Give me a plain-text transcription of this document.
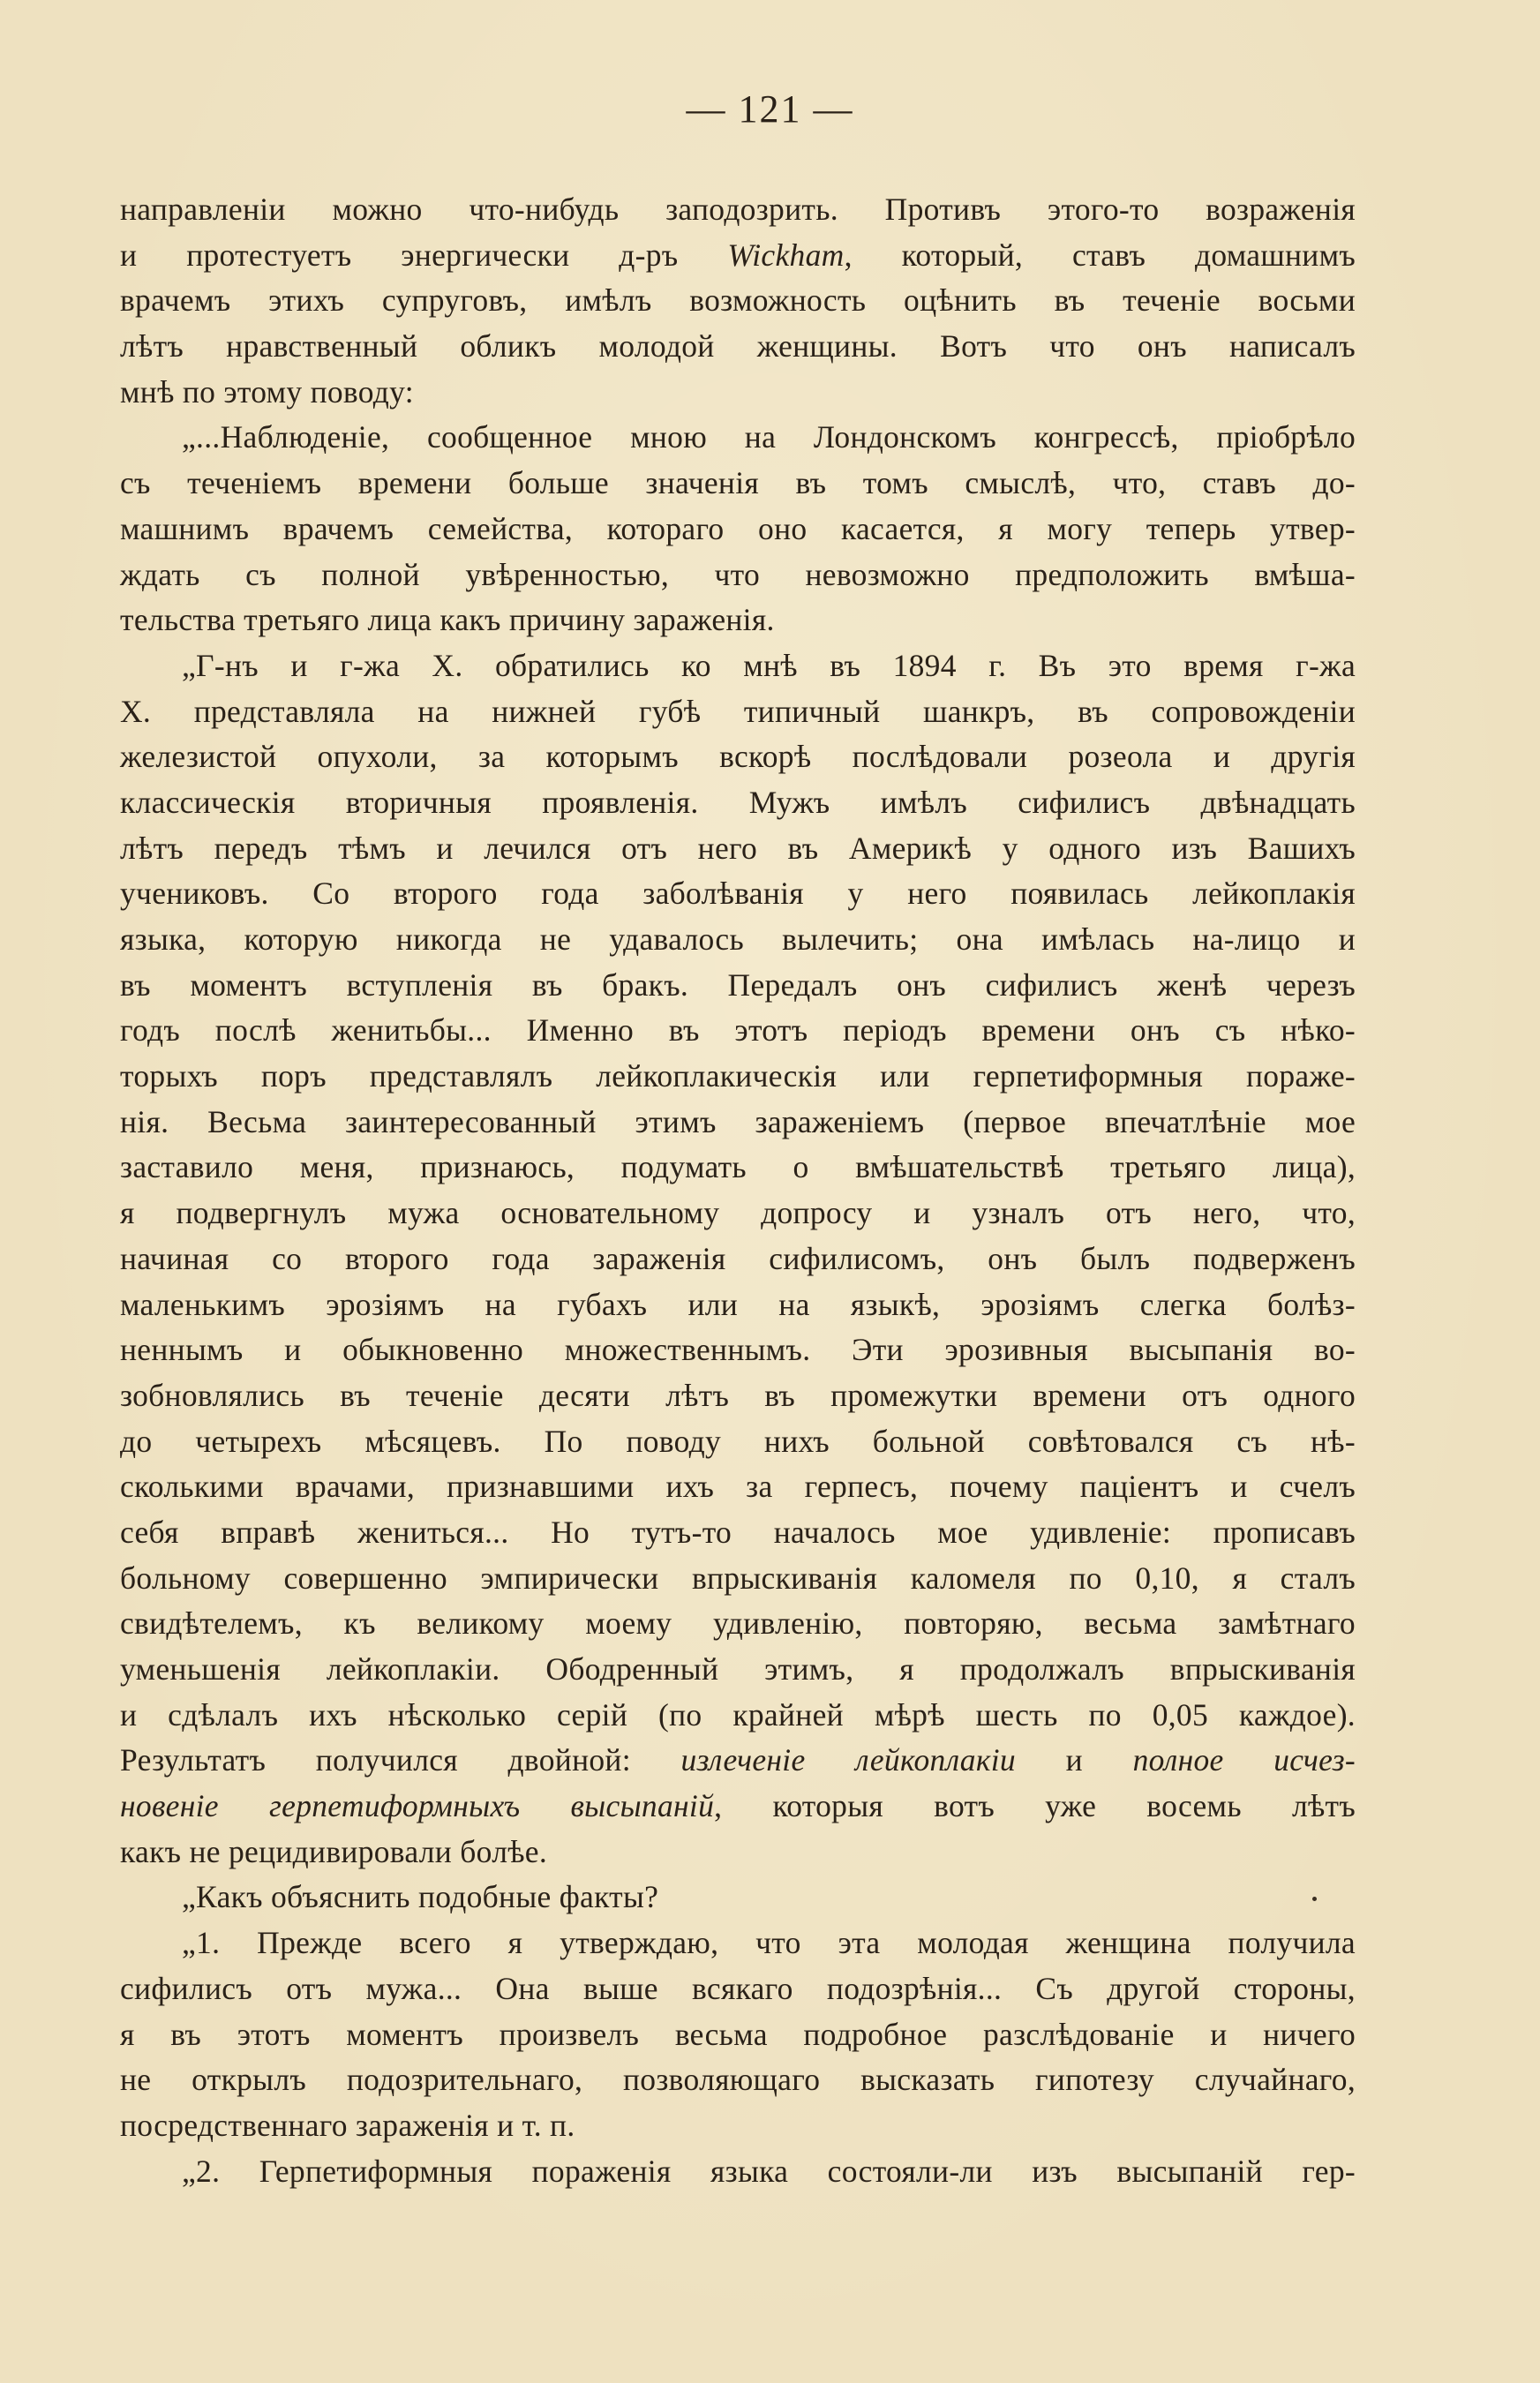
— 121 —
направленіи можно что-нибудь заподозрить. Противъ этого-то возраженія
и протестуетъ энергически д-ръ Wickham, который, ставъ домашнимъ
врачемъ этихъ супруговъ, имѣлъ возможность оцѣнить въ теченіе восьми
лѣтъ нравственный обликъ молодой женщины. Вотъ что онъ написалъ
мнѣ по этому поводу:
„...Наблюденіе, сообщенное мною на Лондонскомъ конгрессѣ, пріобрѣло
съ теченіемъ времени больше значенія въ томъ смыслѣ, что, ставъ до-
машнимъ врачемъ семейства, котораго оно касается, я могу теперь утвер-
ждать съ полной увѣренностью, что невозможно предположить вмѣша-
тельства третьяго лица какъ причину зараженія.
„Г-нъ и г-жа X. обратились ко мнѣ въ 1894 г. Въ это время г-жа
X. представляла на нижней губѣ типичный шанкръ, въ сопровожденіи
железистой опухоли, за которымъ вскорѣ послѣдовали розеола и другія
классическія вторичныя проявленія. Мужъ имѣлъ сифилисъ двѣнадцать
лѣтъ передъ тѣмъ и лечился отъ него въ Америкѣ у одного изъ Вашихъ
учениковъ. Со второго года заболѣванія у него появилась лейкоплакія
языка, которую никогда не удавалось вылечить; она имѣлась на-лицо и
въ моментъ вступленія въ бракъ. Передалъ онъ сифилисъ женѣ черезъ
годъ послѣ женитьбы... Именно въ этотъ періодъ времени онъ съ нѣко-
торыхъ поръ представлялъ лейкоплакическія или герпетиформныя пораже-
нія. Весьма заинтересованный этимъ зараженіемъ (первое впечатлѣніе мое
заставило меня, признаюсь, подумать о вмѣшательствѣ третьяго лица),
я подвергнулъ мужа основательному допросу и узналъ отъ него, что,
начиная со второго года зараженія сифилисомъ, онъ былъ подверженъ
маленькимъ эрозіямъ на губахъ или на языкѣ, эрозіямъ слегка болѣз-
неннымъ и обыкновенно множественнымъ. Эти эрозивныя высыпанія во-
зобновлялись въ теченіе десяти лѣтъ въ промежутки времени отъ одного
до четырехъ мѣсяцевъ. По поводу нихъ больной совѣтовался съ нѣ-
сколькими врачами, признавшими ихъ за герпесъ, почему паціентъ и счелъ
себя вправѣ жениться... Но тутъ-то началось мое удивленіе: прописавъ
больному совершенно эмпирически впрыскиванія каломеля по 0,10, я сталъ
свидѣтелемъ, къ великому моему удивленію, повторяю, весьма замѣтнаго
уменьшенія лейкоплакіи. Ободренный этимъ, я продолжалъ впрыскиванія
и сдѣлалъ ихъ нѣсколько серій (по крайней мѣрѣ шесть по 0,05 каждое).
Результатъ получился двойной: излеченіе лейкоплакіи и полное исчез-
новеніе герпетиформныхъ высыпаній, которыя вотъ уже восемь лѣтъ
какъ не рецидивировали болѣе.
„Какъ объяснить подобные факты?
„1. Прежде всего я утверждаю, что эта молодая женщина получила
сифилисъ отъ мужа... Она выше всякаго подозрѣнія... Съ другой стороны,
я въ этотъ моментъ произвелъ весьма подробное разслѣдованіе и ничего
не открылъ подозрительнаго, позволяющаго высказать гипотезу случайнаго,
посредственнаго зараженія и т. п.
„2. Герпетиформныя пораженія языка состояли-ли изъ высыпаній гер-
